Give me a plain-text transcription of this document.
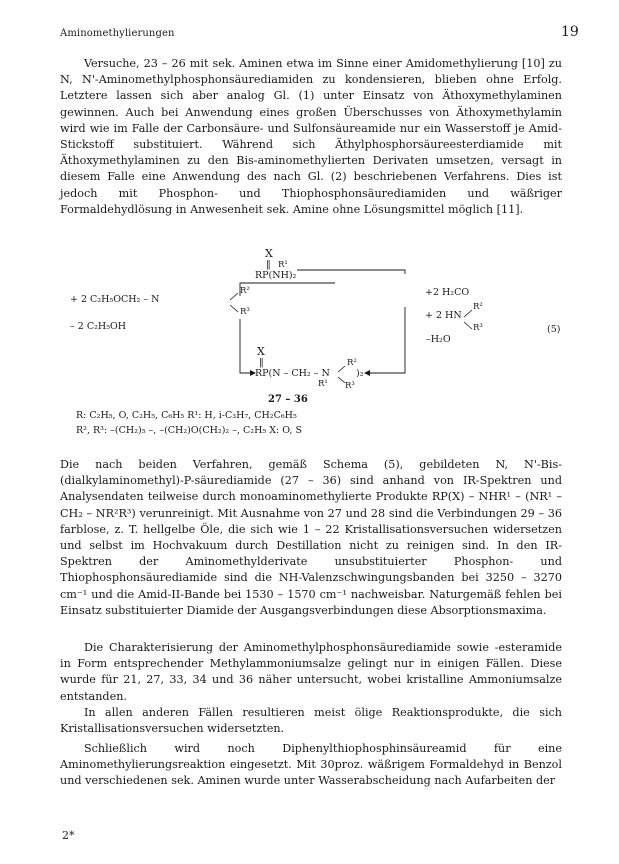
Aminomethylierungen	19

Versuche, 23 – 26 mit sek. Aminen etwa im Sinne einer Amidomethylierung [10] zu N, N'-Aminomethylphosphonsäurediamiden zu kondensieren, blieben ohne Erfolg. Letztere lassen sich aber analog Gl. (1) unter Einsatz von Äthoxymethylaminen gewinnen. Auch bei Anwendung eines großen Überschusses von Äthoxymethylamin wird wie im Falle der Carbonsäure- und Sulfonsäureamide nur ein Wasserstoff je Amid-Stickstoff substituiert. Während sich Äthylphosphorsäureesterdiamide mit Äthoxymethylaminen zu den Bis-aminomethylierten Derivaten umsetzen, versagt in diesem Falle eine Anwendung des nach Gl. (2) beschriebenen Verfahrens. Dies ist jedoch mit Phosphon- und Thiophosphonsäurediamiden und wäßriger Formaldehydlösung in Anwesenheit sek. Amine ohne Lösungsmittel möglich [11].

X
‖ R¹
RP(NH)₂
+ 2 C₂H₅OCH₂ – N
R²
R³
– 2 C₂H₅OH
+2 H₂CO
+ 2 HN
R²
R³
–H₂O
(5)
X
‖
RP(N – CH₂ – N
R²
)₂
R¹ R³
27 – 36
R: C₂H₅, O, C₂H₅, C₆H₅ R¹: H, i-C₃H₇, CH₂C₆H₅
R², R³: –(CH₂)₅ –, –(CH₂)O(CH₂)₂ –, C₂H₅ X: O, S

Die nach beiden Verfahren, gemäß Schema (5), gebildeten N, N'-Bis-(dialkylaminomethyl)-P-säurediamide (27 – 36) sind anhand von IR-Spektren und Analysendaten teilweise durch monoaminomethylierte Produkte RP(X) – NHR¹ – (NR¹ – CH₂ – NR²R³) verunreinigt. Mit Ausnahme von 27 und 28 sind die Verbindungen 29 – 36 farblose, z. T. hellgelbe Öle, die sich wie 1 – 22 Kristallisationsversuchen widersetzen und selbst im Hochvakuum durch Destillation nicht zu reinigen sind. In den IR-Spektren der Aminomethylderivate unsubstituierter Phosphon- und Thiophosphonsäurediamide sind die NH-Valenzschwingungsbanden bei 3250 – 3270 cm⁻¹ und die Amid-II-Bande bei 1530 – 1570 cm⁻¹ nachweisbar. Naturgemäß fehlen bei Einsatz substituierter Diamide der Ausgangsverbindungen diese Absorptionsmaxima.

Die Charakterisierung der Aminomethylphosphonsäurediamide sowie -esteramide in Form entsprechender Methylammoniumsalze gelingt nur in einigen Fällen. Diese wurde für 21, 27, 33, 34 und 36 näher untersucht, wobei kristalline Ammoniumsalze entstanden.

In allen anderen Fällen resultieren meist ölige Reaktionsprodukte, die sich Kristallisationsversuchen widersetzten.

Schließlich wird noch Diphenylthiophosphinsäureamid für eine Aminomethylierungsreaktion eingesetzt. Mit 30proz. wäßrigem Formaldehyd in Benzol und verschiedenen sek. Aminen wurde unter Wasserabscheidung nach Aufarbeiten der

2*
